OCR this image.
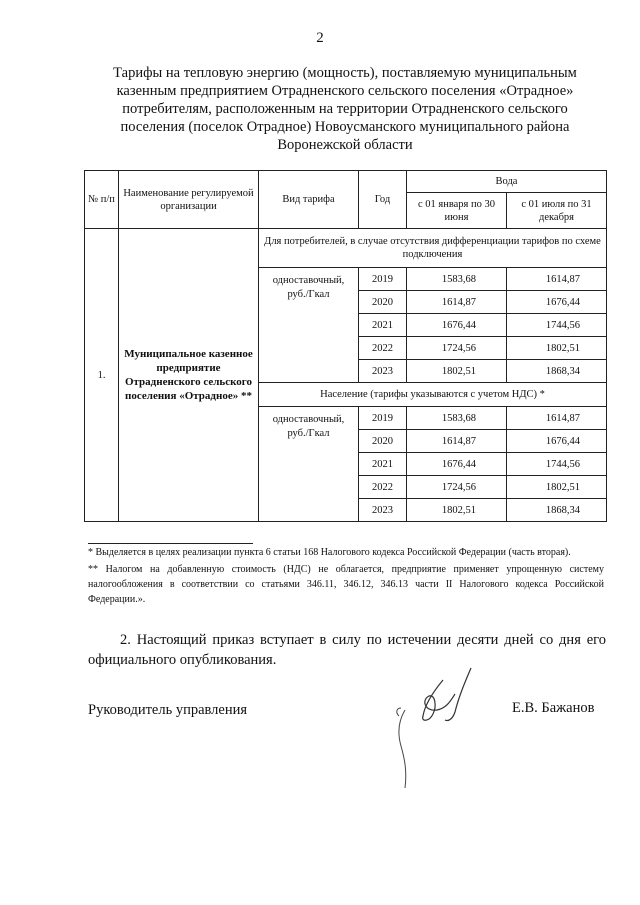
2
Тарифы на тепловую энергию (мощность), поставляемую муниципальным казенным предприятием Отрадненского сельского поселения «Отрадное» потребителям, расположенным на территории Отрадненского сельского поселения (поселок Отрадное) Новоусманского муниципального района Воронежской области
№ п/п	Наименование регулируемой организации	Вид тарифа	Год	Вода	
				с 01 января по 30 июня	с 01 июля по 31 декабря
1.	Муниципальное казенное предприятие Отрадненского сельского поселения «Отрадное» **	Для потребителей, в случае отсутствия дифференциации тарифов по схеме подключения			
		одноставочный, руб./Гкал	2019	1583,68	1614,87
			2020	1614,87	1676,44
			2021	1676,44	1744,56
			2022	1724,56	1802,51
			2023	1802,51	1868,34
		Население (тарифы указываются с учетом НДС) *			
		одноставочный, руб./Гкал	2019	1583,68	1614,87
			2020	1614,87	1676,44
			2021	1676,44	1744,56
			2022	1724,56	1802,51
			2023	1802,51	1868,34

* Выделяется в целях реализации пункта 6 статьи 168 Налогового кодекса Российской Федерации (часть вторая).

** Налогом на добавленную стоимость (НДС) не облагается, предприятие применяет упрощенную систему налогообложения в соответствии со статьями 346.11, 346.12, 346.13 части II Налогового кодекса Российской Федерации.».

2. Настоящий приказ вступает в силу по истечении десяти дней со дня его официального опубликования.
Руководитель управления	Е.В. Бажанов
